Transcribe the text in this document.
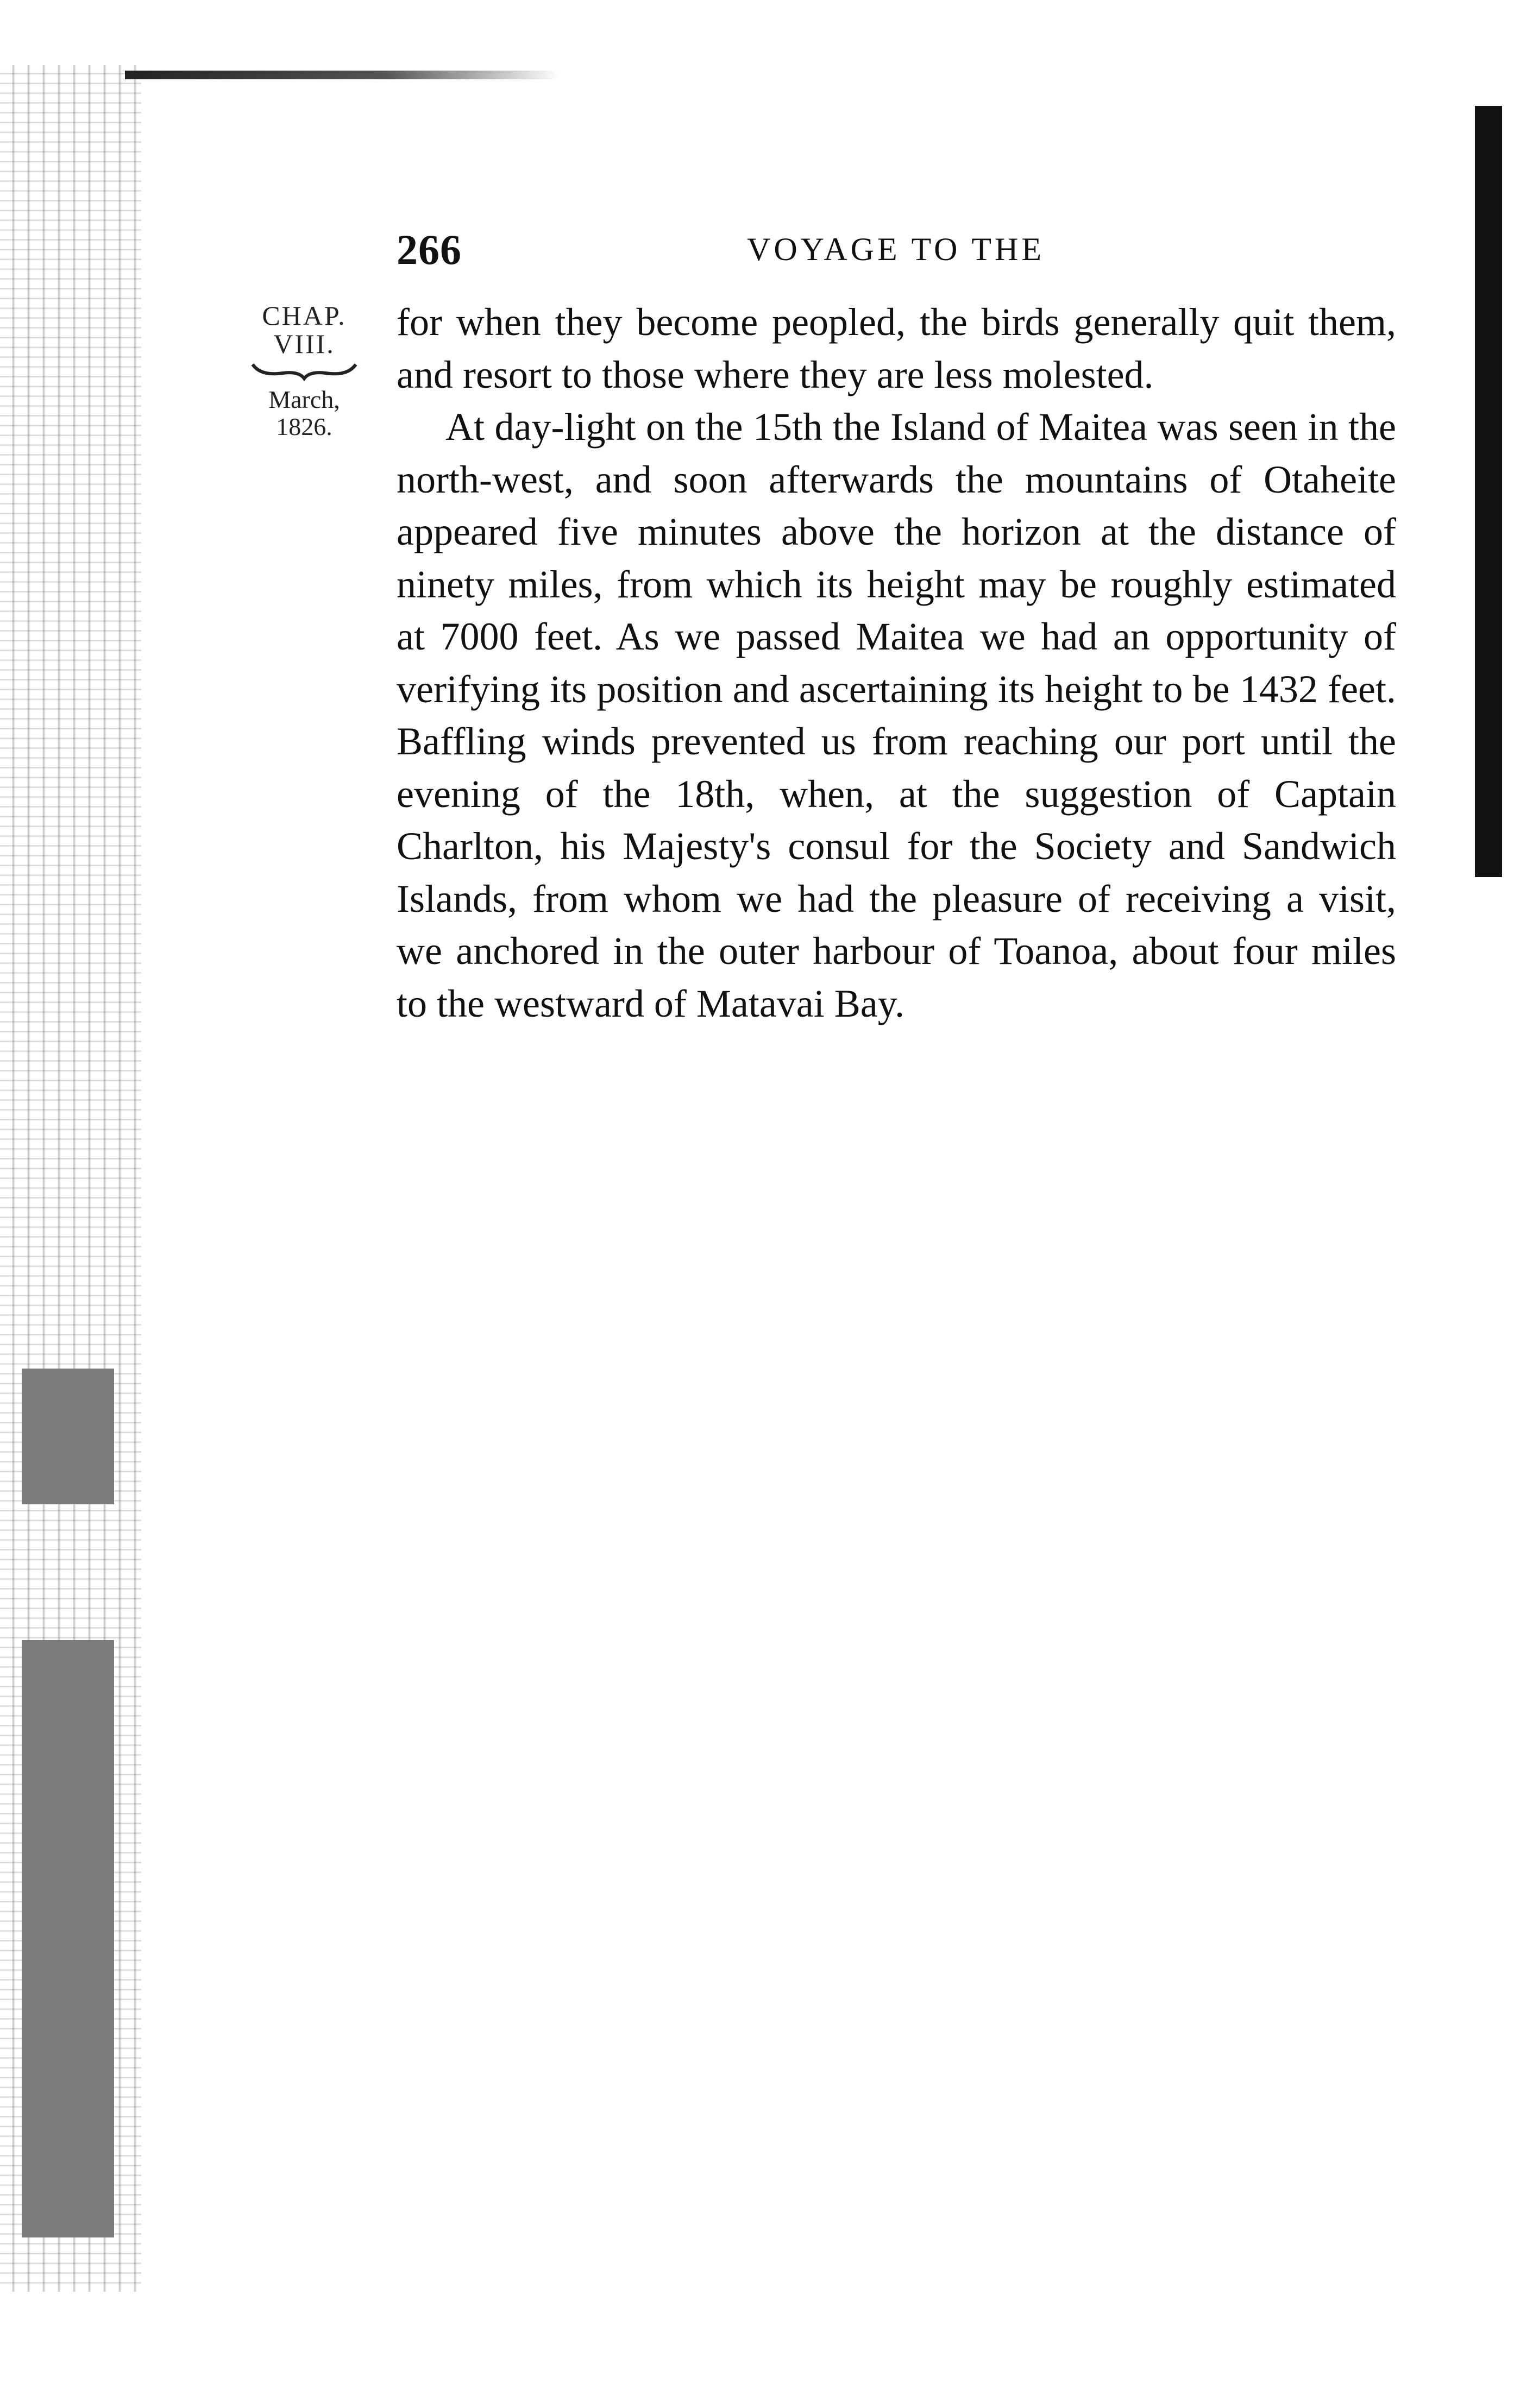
266	VOYAGE TO THE
CHAP.
VIII.
March,
1826.

for when they become peopled, the birds generally quit them, and resort to those where they are less molested.

At day-light on the 15th the Island of Maitea was seen in the north-west, and soon afterwards the mountains of Otaheite appeared five minutes above the horizon at the distance of ninety miles, from which its height may be roughly estimated at 7000 feet. As we passed Maitea we had an opportunity of verifying its position and ascertaining its height to be 1432 feet. Baffling winds prevented us from reaching our port until the evening of the 18th, when, at the suggestion of Captain Charlton, his Majesty's consul for the Society and Sandwich Islands, from whom we had the pleasure of receiving a visit, we anchored in the outer harbour of Toanoa, about four miles to the westward of Matavai Bay.
